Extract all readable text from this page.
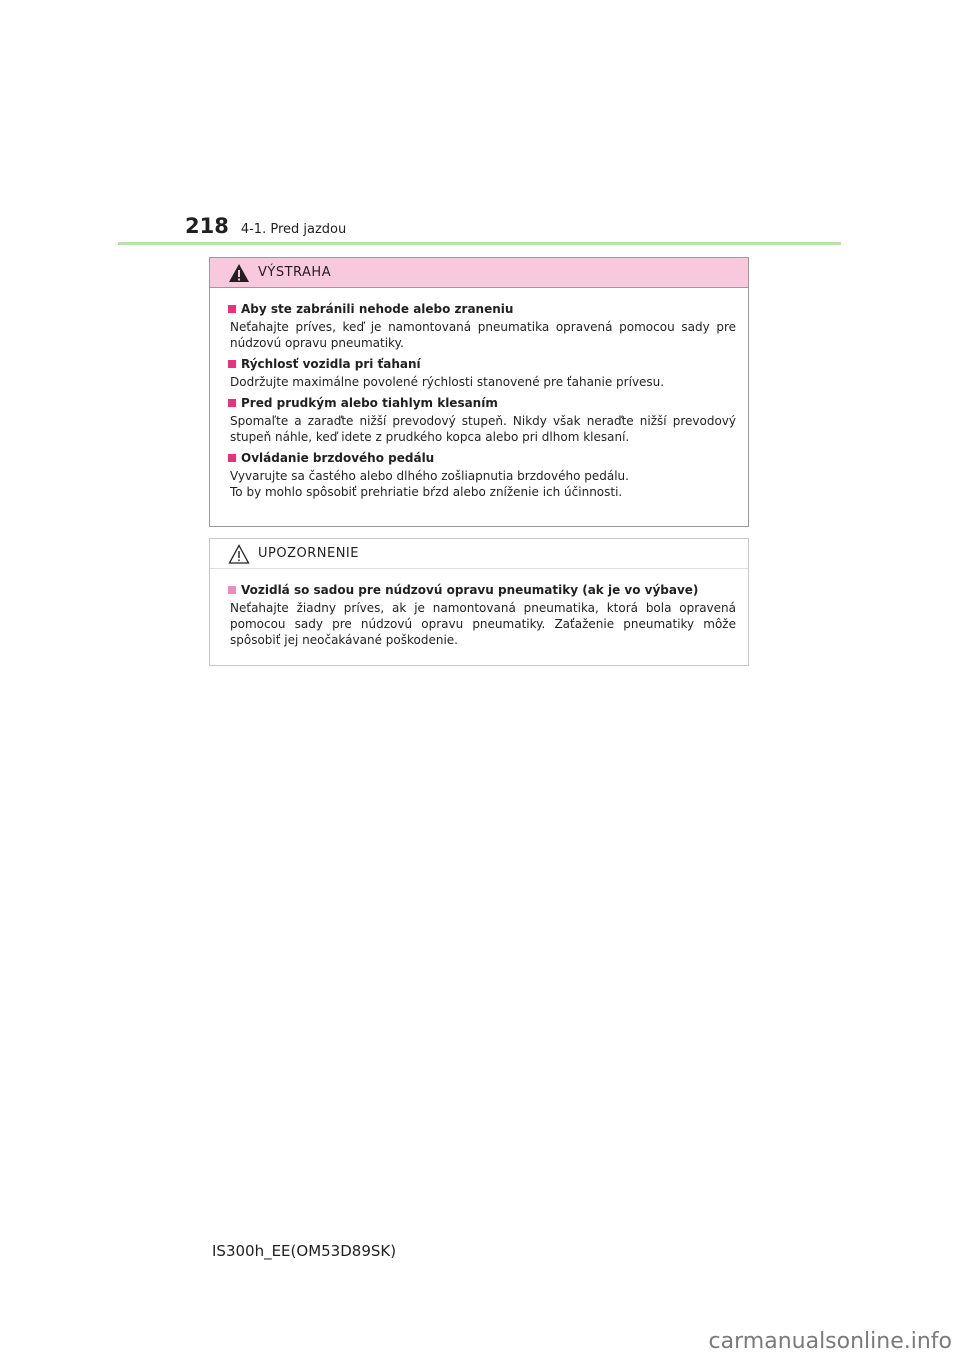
218 4-1. Pred jazdou
VÝSTRAHA
Aby ste zabránili nehode alebo zraneniu

Neťahajte príves, keď je namontovaná pneumatika opravená pomocou sady pre núdzovú opravu pneumatiky.

Rýchlosť vozidla pri ťahaní

Dodržujte maximálne povolené rýchlosti stanovené pre ťahanie prívesu.

Pred prudkým alebo tiahlym klesaním

Spomaľte a zaraďte nižší prevodový stupeň. Nikdy však neraďte nižší prevodový stupeň náhle, keď idete z prudkého kopca alebo pri dlhom klesaní.

Ovládanie brzdového pedálu

Vyvarujte sa častého alebo dlhého zošliapnutia brzdového pedálu.

To by mohlo spôsobiť prehriatie bŕzd alebo zníženie ich účinnosti.

UPOZORNENIE
Vozidlá so sadou pre núdzovú opravu pneumatiky (ak je vo výbave)

Neťahajte žiadny príves, ak je namontovaná pneumatika, ktorá bola opravená pomocou sady pre núdzovú opravu pneumatiky. Zaťaženie pneumatiky môže spôsobiť jej neočakávané poškodenie.

IS300h_EE(OM53D89SK)
carmanualsonline.info
